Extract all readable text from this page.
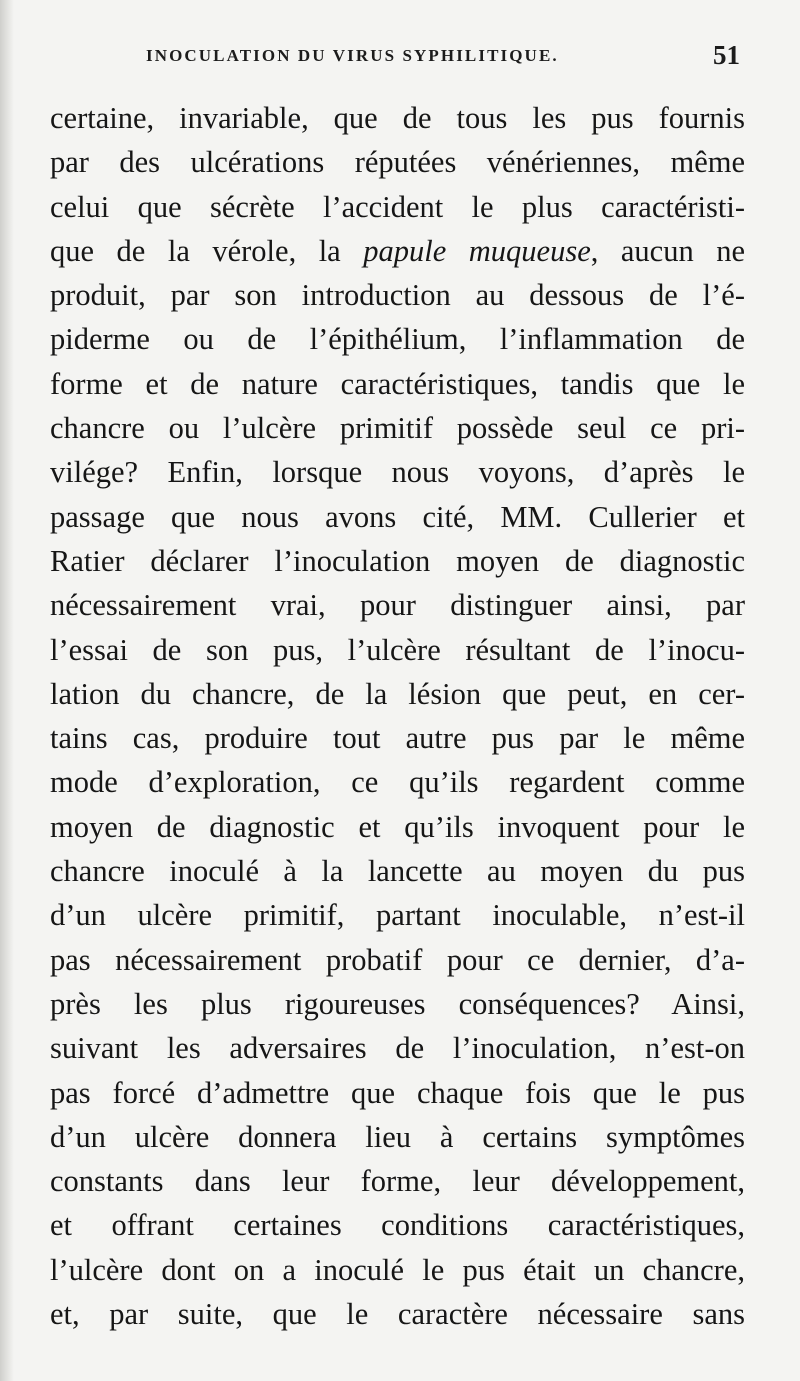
INOCULATION DU VIRUS SYPHILITIQUE.	51
certaine, invariable, que de tous les pus fournis
par des ulcérations réputées vénériennes, même
celui que sécrète l’accident le plus caractéristi-
que de la vérole, la papule muqueuse, aucun ne
produit, par son introduction au dessous de l’é-
piderme ou de l’épithélium, l’inflammation de
forme et de nature caractéristiques, tandis que le
chancre ou l’ulcère primitif possède seul ce pri-
vilége? Enfin, lorsque nous voyons, d’après le
passage que nous avons cité, MM. Cullerier et
Ratier déclarer l’inoculation moyen de diagnostic
nécessairement vrai, pour distinguer ainsi, par
l’essai de son pus, l’ulcère résultant de l’inocu-
lation du chancre, de la lésion que peut, en cer-
tains cas, produire tout autre pus par le même
mode d’exploration, ce qu’ils regardent comme
moyen de diagnostic et qu’ils invoquent pour le
chancre inoculé à la lancette au moyen du pus
d’un ulcère primitif, partant inoculable, n’est-il
pas nécessairement probatif pour ce dernier, d’a-
près les plus rigoureuses conséquences? Ainsi,
suivant les adversaires de l’inoculation, n’est-on
pas forcé d’admettre que chaque fois que le pus
d’un ulcère donnera lieu à certains symptômes
constants dans leur forme, leur développement,
et offrant certaines conditions caractéristiques,
l’ulcère dont on a inoculé le pus était un chancre,
et, par suite, que le caractère nécessaire sans
